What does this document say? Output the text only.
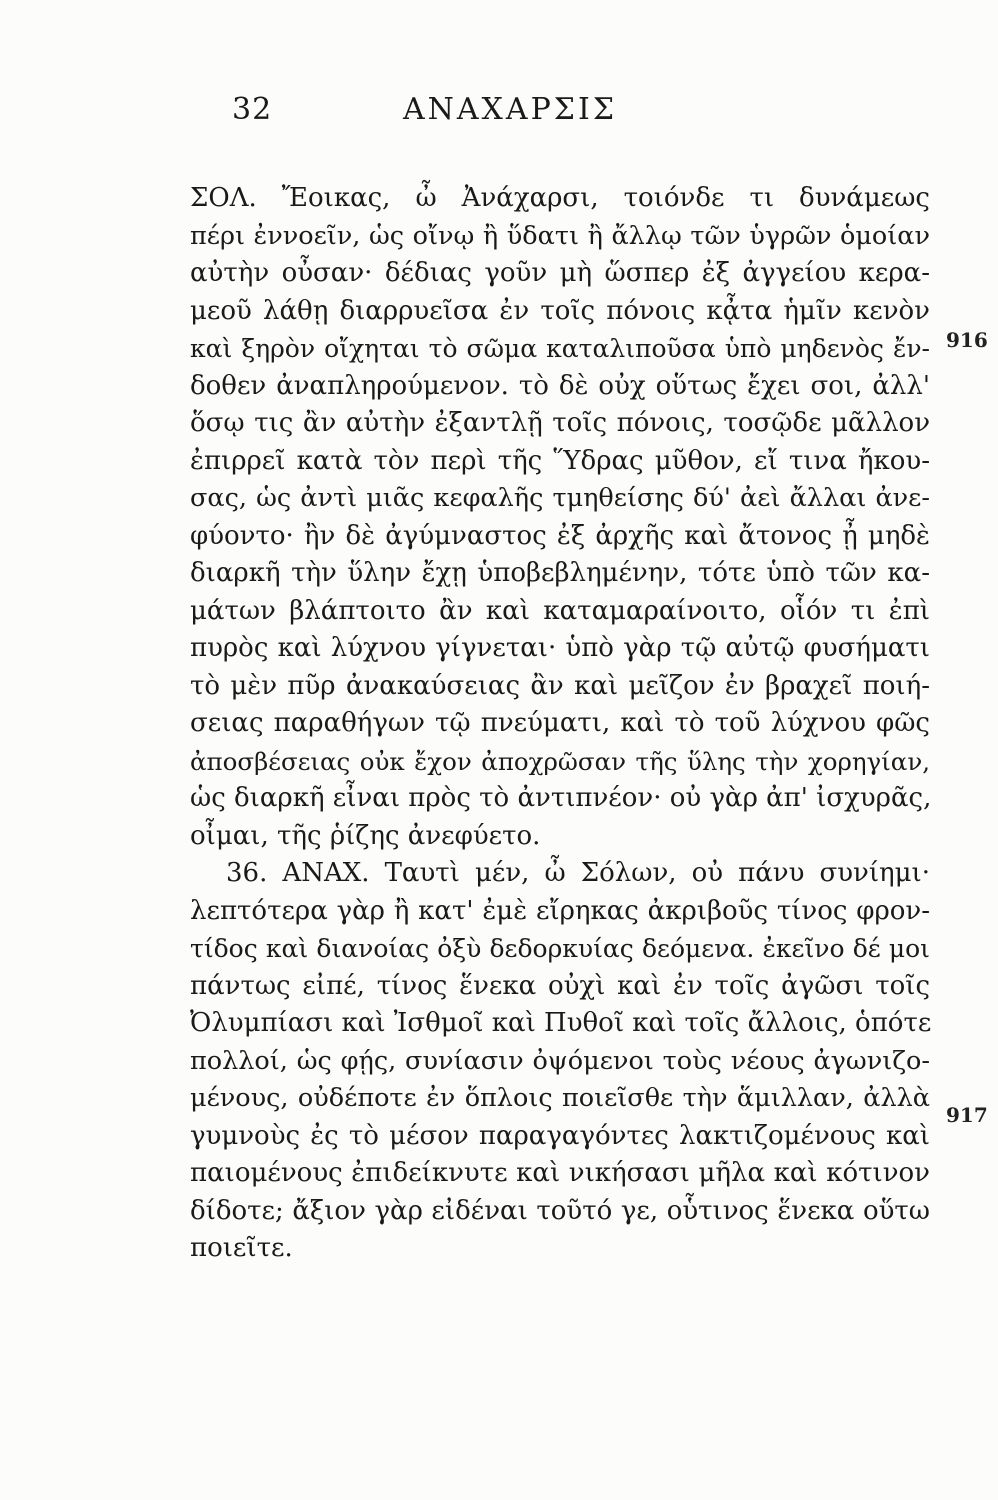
32	ΑΝΑΧΑΡΣΙΣ
ΣΟΛ. Ἔοικας, ὦ Ἀνάχαρσι, τοιόνδε τι δυνάμεως
πέρι ἐννοεῖν, ὡς οἴνῳ ἢ ὕδατι ἢ ἄλλῳ τῶν ὑγρῶν ὁμοίαν
αὐτὴν οὖσαν· δέδιας γοῦν μὴ ὥσπερ ἐξ ἀγγείου κερα-
μεοῦ λάθῃ διαρρυεῖσα ἐν τοῖς πόνοις κᾆτα ἡμῖν κενὸν
καὶ ξηρὸν οἴχηται τὸ σῶμα καταλιποῦσα ὑπὸ μηδενὸς ἔν-
δοθεν ἀναπληρούμενον. τὸ δὲ οὐχ οὕτως ἔχει σοι, ἀλλ'
ὅσῳ τις ἂν αὐτὴν ἐξαντλῇ τοῖς πόνοις, τοσῷδε μᾶλλον
ἐπιρρεῖ κατὰ τὸν περὶ τῆς Ὕδρας μῦθον, εἴ τινα ἤκου-
σας, ὡς ἀντὶ μιᾶς κεφαλῆς τμηθείσης δύ' ἀεὶ ἄλλαι ἀνε-
φύοντο· ἢν δὲ ἀγύμναστος ἐξ ἀρχῆς καὶ ἄτονος ᾖ μηδὲ
διαρκῆ τὴν ὕλην ἔχῃ ὑποβεβλημένην, τότε ὑπὸ τῶν κα-
μάτων βλάπτοιτο ἂν καὶ καταμαραίνοιτο, οἷόν τι ἐπὶ
πυρὸς καὶ λύχνου γίγνεται· ὑπὸ γὰρ τῷ αὐτῷ φυσήματι
τὸ μὲν πῦρ ἀνακαύσειας ἂν καὶ μεῖζον ἐν βραχεῖ ποιή-
σειας παραθήγων τῷ πνεύματι, καὶ τὸ τοῦ λύχνου φῶς
ἀποσβέσειας οὐκ ἔχον ἀποχρῶσαν τῆς ὕλης τὴν χορηγίαν,
ὡς διαρκῆ εἶναι πρὸς τὸ ἀντιπνέον· οὐ γὰρ ἀπ' ἰσχυρᾶς,
οἶμαι, τῆς ῥίζης ἀνεφύετο.
36. ΑΝΑΧ. Ταυτὶ μέν, ὦ Σόλων, οὐ πάνυ συνίημι·
λεπτότερα γὰρ ἢ κατ' ἐμὲ εἴρηκας ἀκριβοῦς τίνος φρον-
τίδος καὶ διανοίας ὀξὺ δεδορκυίας δεόμενα. ἐκεῖνο δέ μοι
πάντως εἰπέ, τίνος ἕνεκα οὐχὶ καὶ ἐν τοῖς ἀγῶσι τοῖς
Ὀλυμπίασι καὶ Ἰσθμοῖ καὶ Πυθοῖ καὶ τοῖς ἄλλοις, ὁπότε
πολλοί, ὡς φῄς, συνίασιν ὀψόμενοι τοὺς νέους ἀγωνιζο-
μένους, οὐδέποτε ἐν ὅπλοις ποιεῖσθε τὴν ἅμιλλαν, ἀλλὰ
γυμνοὺς ἐς τὸ μέσον παραγαγόντες λακτιζομένους καὶ
παιομένους ἐπιδείκνυτε καὶ νικήσασι μῆλα καὶ κότινον
δίδοτε; ἄξιον γὰρ εἰδέναι τοῦτό γε, οὗτινος ἕνεκα οὕτω
ποιεῖτε.
916
917
